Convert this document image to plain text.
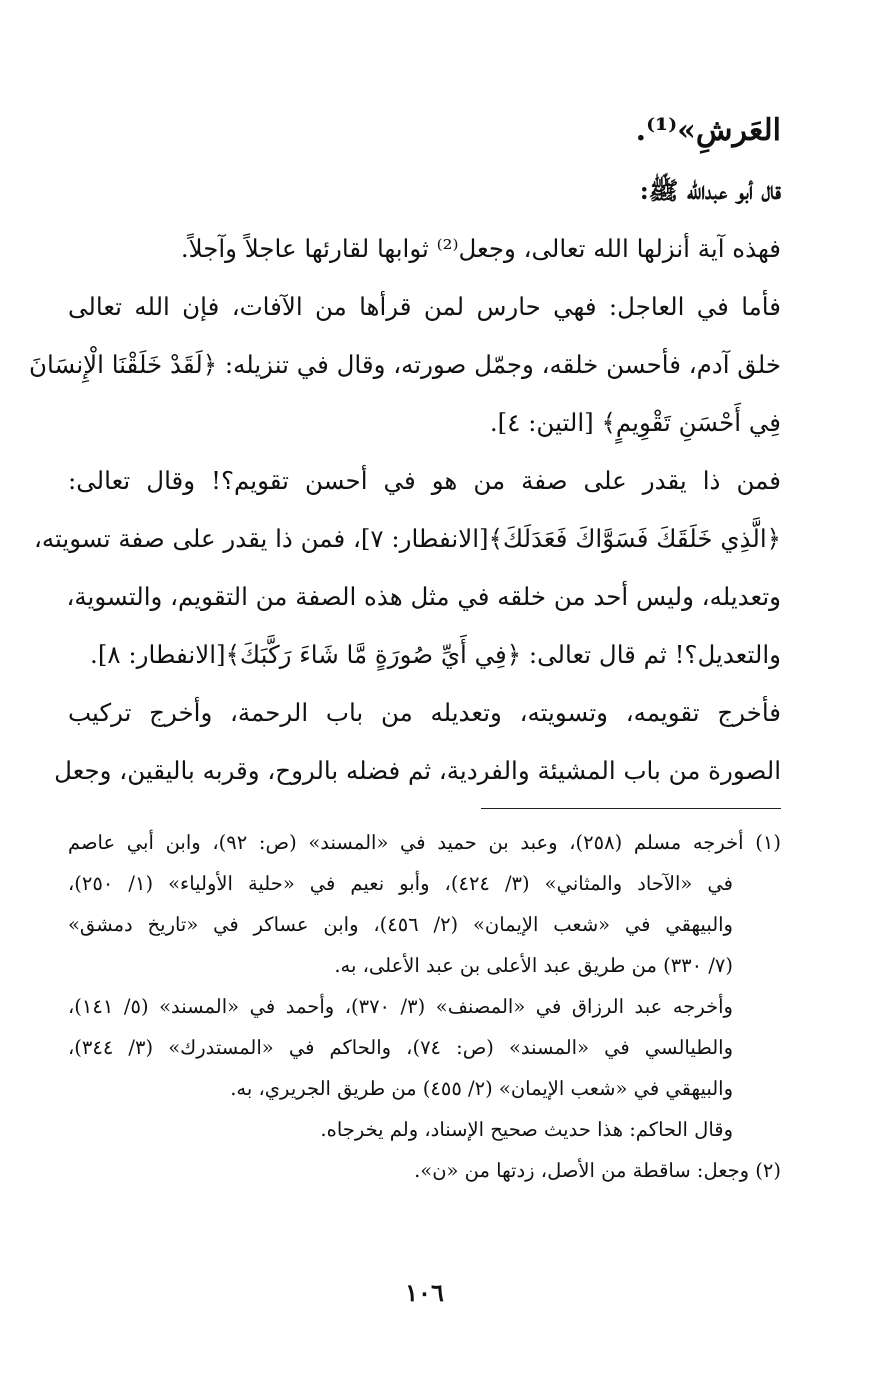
العَرشِ»⁽¹⁾.
قال أبو عبدالله ﷺ:
فهذه آية أنزلها الله تعالى، وجعل⁽²⁾ ثوابها لقارئها عاجلاً وآجلاً.
فأما في العاجل: فهي حارس لمن قرأها من الآفات، فإن الله تعالى
خلق آدم، فأحسن خلقه، وجمّل صورته، وقال في تنزيله: ﴿لَقَدْ خَلَقْنَا الْإِنسَانَ
فِي أَحْسَنِ تَقْوِيمٍ﴾ [التين: ٤].
فمن ذا يقدر على صفة من هو في أحسن تقويم؟! وقال تعالى:
﴿الَّذِي خَلَقَكَ فَسَوَّاكَ فَعَدَلَكَ﴾[الانفطار: ٧]، فمن ذا يقدر على صفة تسويته،
وتعديله، وليس أحد من خلقه في مثل هذه الصفة من التقويم، والتسوية،
والتعديل؟! ثم قال تعالى: ﴿فِي أَيِّ صُورَةٍ مَّا شَاءَ رَكَّبَكَ﴾[الانفطار: ٨].
فأخرج تقويمه، وتسويته، وتعديله من باب الرحمة، وأخرج تركيب
الصورة من باب المشيئة والفردية، ثم فضله بالروح، وقربه باليقين، وجعل
(١) أخرجه مسلم (٢٥٨)، وعبد بن حميد في «المسند» (ص: ٩٢)، وابن أبي عاصم
في «الآحاد والمثاني» (٣/ ٤٢٤)، وأبو نعيم في «حلية الأولياء» (١/ ٢٥٠)،
والبيهقي في «شعب الإيمان» (٢/ ٤٥٦)، وابن عساكر في «تاريخ دمشق»
(٧/ ٣٣٠) من طريق عبد الأعلى بن عبد الأعلى، به.
وأخرجه عبد الرزاق في «المصنف» (٣/ ٣٧٠)، وأحمد في «المسند» (٥/ ١٤١)،
والطيالسي في «المسند» (ص: ٧٤)، والحاكم في «المستدرك» (٣/ ٣٤٤)،
والبيهقي في «شعب الإيمان» (٢/ ٤٥٥) من طريق الجريري، به.
وقال الحاكم: هذا حديث صحيح الإسناد، ولم يخرجاه.
(٢) وجعل: ساقطة من الأصل، زدتها من «ن».
١٠٦
